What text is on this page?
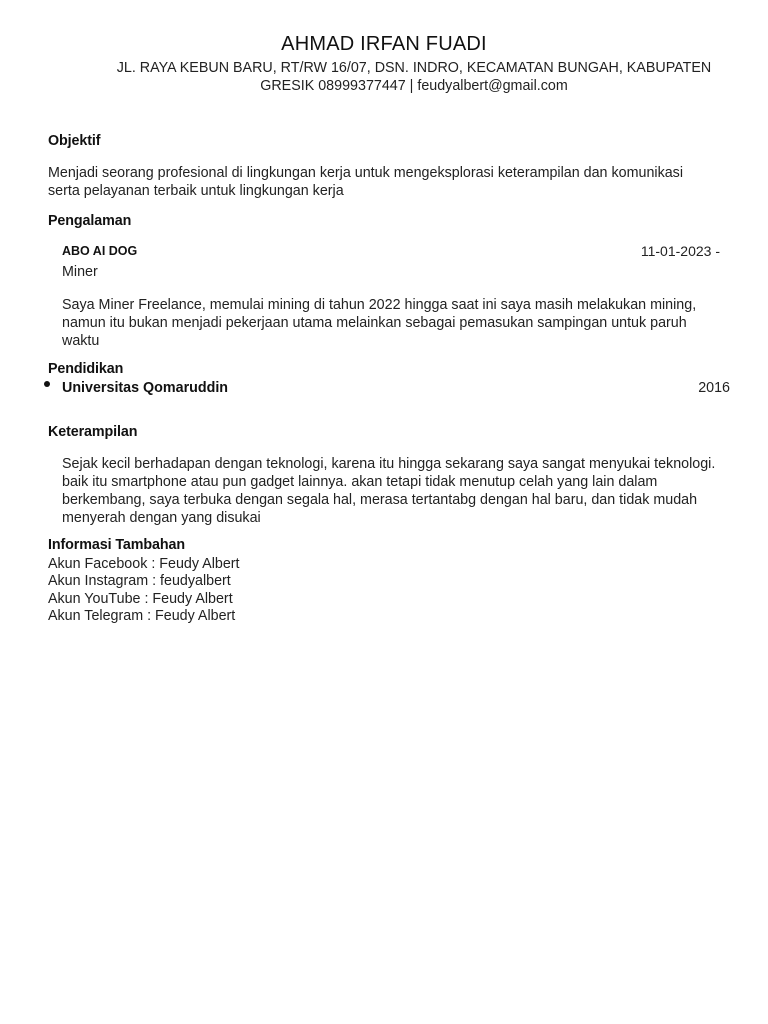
AHMAD IRFAN FUADI
JL. RAYA KEBUN BARU, RT/RW 16/07, DSN. INDRO, KECAMATAN BUNGAH, KABUPATEN
GRESIK 08999377447 | feudyalbert@gmail.com
Objektif
Menjadi seorang profesional di lingkungan kerja untuk mengeksplorasi keterampilan dan komunikasi serta pelayanan terbaik untuk lingkungan kerja
Pengalaman
ABO AI DOG	11-01-2023 -
Miner
Saya Miner Freelance, memulai mining di tahun 2022 hingga saat ini saya masih melakukan mining, namun itu bukan menjadi pekerjaan utama melainkan sebagai pemasukan sampingan untuk paruh waktu
Pendidikan
Universitas Qomaruddin	2016
Keterampilan
Sejak kecil berhadapan dengan teknologi, karena itu hingga sekarang saya sangat menyukai teknologi. baik itu smartphone atau pun gadget lainnya. akan tetapi tidak menutup celah yang lain dalam berkembang, saya terbuka dengan segala hal, merasa tertantabg dengan hal baru, dan tidak mudah menyerah dengan yang disukai
Informasi Tambahan
Akun Facebook : Feudy Albert
Akun Instagram : feudyalbert
Akun YouTube : Feudy Albert
Akun Telegram : Feudy Albert
